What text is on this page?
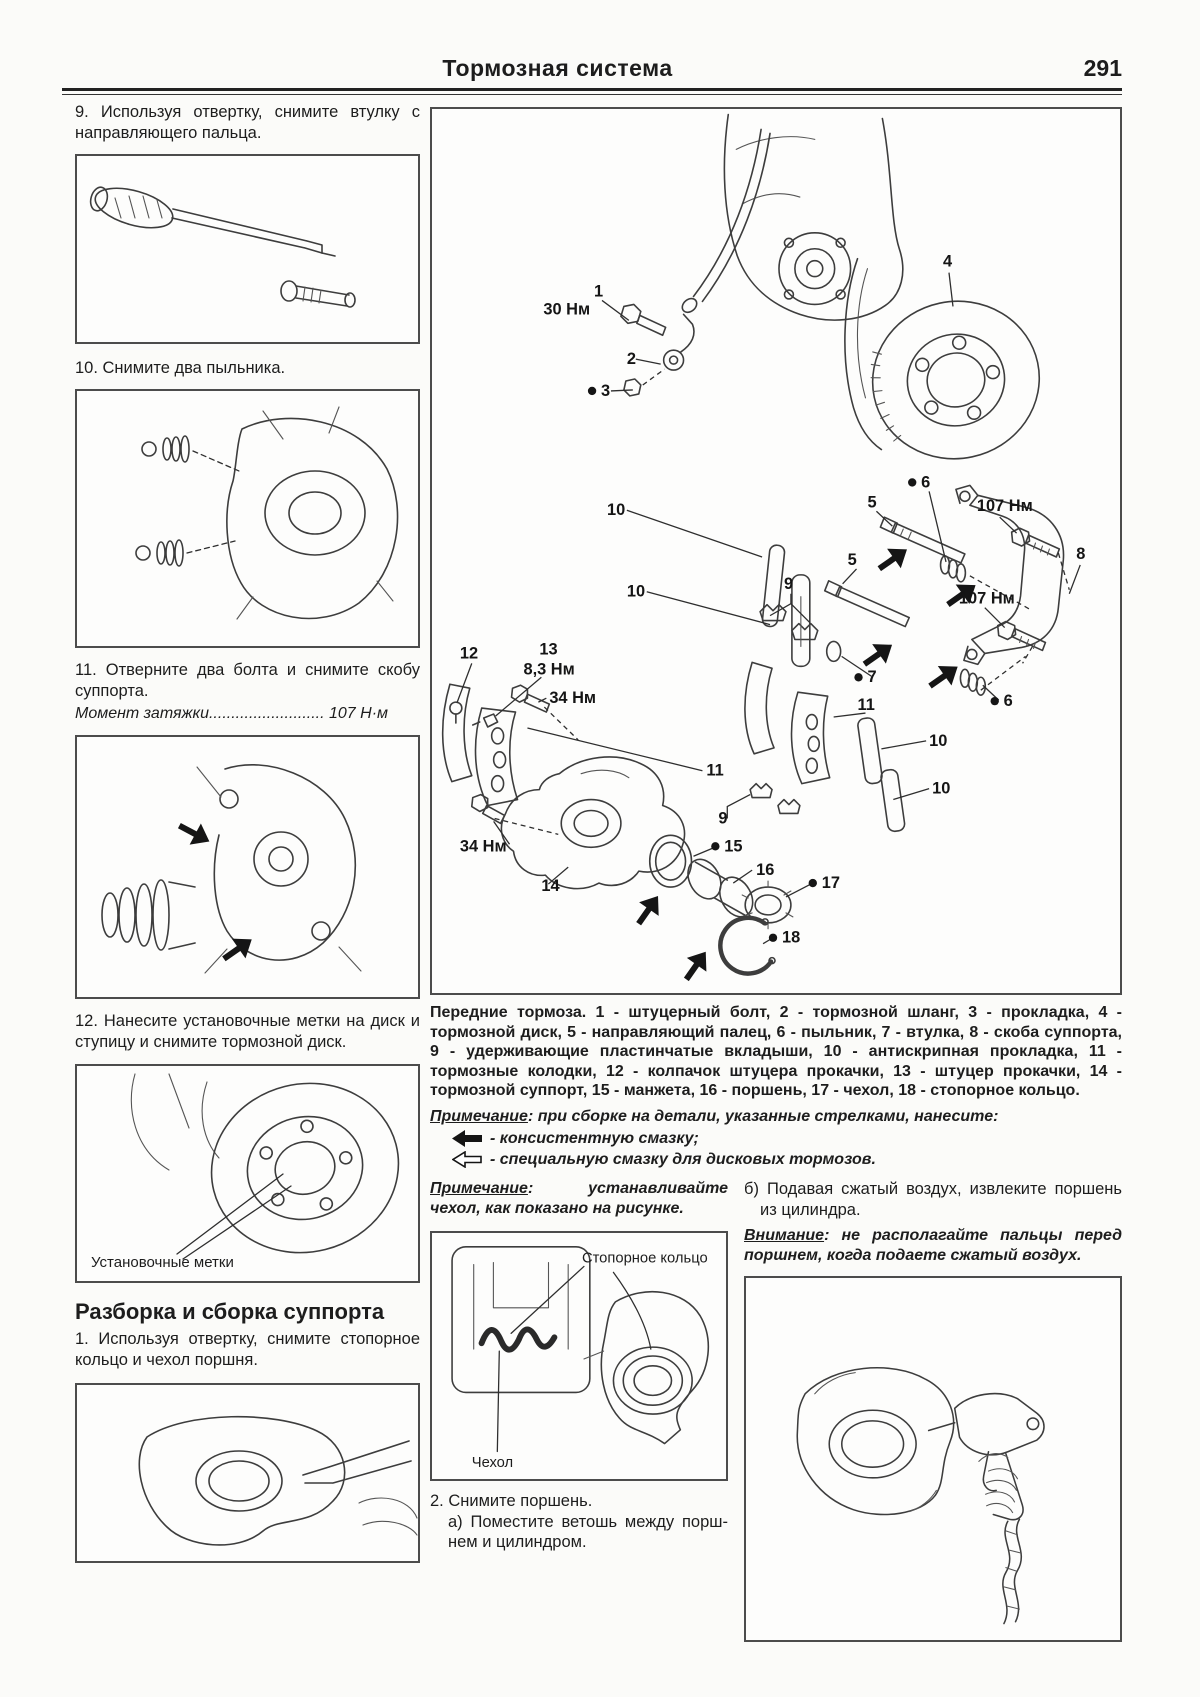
Тормозная система	291

9. Используя отвертку, снимите втулку с направляющего пальца.

10. Снимите два пыльника.

11. Отверните два болта и снимите скобу суппорта.

Момент затяжки.......................... 107 Н·м

12. Нанесите установочные метки на диск и ступицу и снимите тормозной диск.

Установочные метки

Разборка и сборка суппорта

1. Используя отвертку, снимите стопорное кольцо и чехол поршня.

1
30 Нм
2
3
4
6
5	107 Нм
8
10
10	9
5
107 Нм
12	13
8,3 Нм
34 Нм
7
11	6
10
10
11
9
15
34 Нм
14
16
17
18

Передние тормоза. 1 - штуцерный болт, 2 - тормозной шланг, 3 - прокладка, 4 - тормозной диск, 5 - направляющий палец, 6 - пыльник, 7 - втулка, 8 - скоба суппорта, 9 - удерживающие пластинчатые вкладыши, 10 - антискрипная прокладка, 11 - тормозные колодки, 12 - колпачок штуцера прокачки, 13 - штуцер прокачки, 14 - тормозной суппорт, 15 - манжета, 16 - поршень, 17 - чехол, 18 - стопорное кольцо.

Примечание: при сборке на детали, указанные стрелками, нанесите:

- консистентную смазку;
- специальную смазку для дисковых тормозов.

Примечание: устанавливайте чехол, как показано на рисунке.

Стопорное кольцо
Чехол

2. Снимите поршень.

а) Поместите ветошь между поршнем и цилиндром.

б) Подавая сжатый воздух, извлеките поршень из цилиндра.

Внимание: не располагайте пальцы перед поршнем, когда подаете сжатый воздух.
